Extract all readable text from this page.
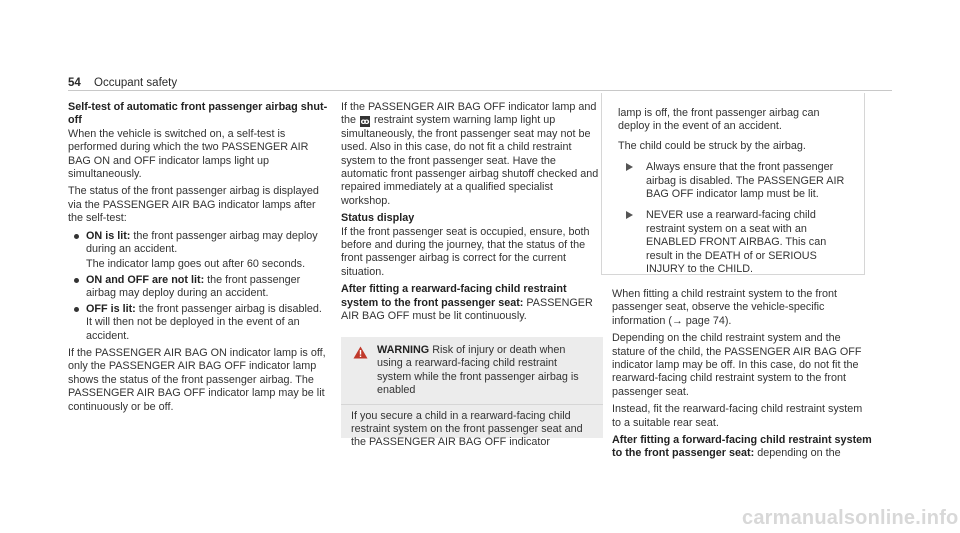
54 Occupant safety
Self-test of automatic front passenger airbag shut-off

When the vehicle is switched on, a self-test is performed during which the two PASSENGER AIR BAG ON and OFF indicator lamps light up simultaneously.

The status of the front passenger airbag is displayed via the PASSENGER AIR BAG indicator lamps after the self-test:

ON is lit: the front passenger airbag may deploy during an accident.
The indicator lamp goes out after 60 seconds.
ON and OFF are not lit: the front passenger airbag may deploy during an accident.
OFF is lit: the front passenger airbag is disabled. It will then not be deployed in the event of an accident.

If the PASSENGER AIR BAG ON indicator lamp is off, only the PASSENGER AIR BAG OFF indicator lamp shows the status of the front passenger airbag. The PASSENGER AIR BAG OFF indicator lamp may be lit continuously or be off.

If the PASSENGER AIR BAG OFF indicator lamp and the ꝏ restraint system warning lamp light up simultaneously, the front passenger seat may not be used. Also in this case, do not fit a child restraint system to the front passenger seat. Have the automatic front passenger airbag shutoff checked and repaired immediately at a qualified specialist workshop.

Status display

If the front passenger seat is occupied, ensure, both before and during the journey, that the status of the front passenger airbag is correct for the current situation.

After fitting a rearward-facing child restraint system to the front passenger seat: PASSENGER AIR BAG OFF must be lit continuously.

WARNING Risk of injury or death when using a rearward-facing child restraint system while the front passenger airbag is enabled
If you secure a child in a rearward-facing child restraint system on the front passenger seat and the PASSENGER AIR BAG OFF indicator

lamp is off, the front passenger airbag can deploy in the event of an accident.

The child could be struck by the airbag.

Always ensure that the front passenger airbag is disabled. The PASSENGER AIR BAG OFF indicator lamp must be lit.
NEVER use a rearward-facing child restraint system on a seat with an ENABLED FRONT AIRBAG. This can result in the DEATH of or SERIOUS INJURY to the CHILD.

When fitting a child restraint system to the front passenger seat, observe the vehicle-specific information (→ page 74).

Depending on the child restraint system and the stature of the child, the PASSENGER AIR BAG OFF indicator lamp may be off. In this case, do not fit the rearward-facing child restraint system to the front passenger seat.

Instead, fit the rearward-facing child restraint system to a suitable rear seat.

After fitting a forward-facing child restraint system to the front passenger seat: depending on the

carmanualsonline.info
